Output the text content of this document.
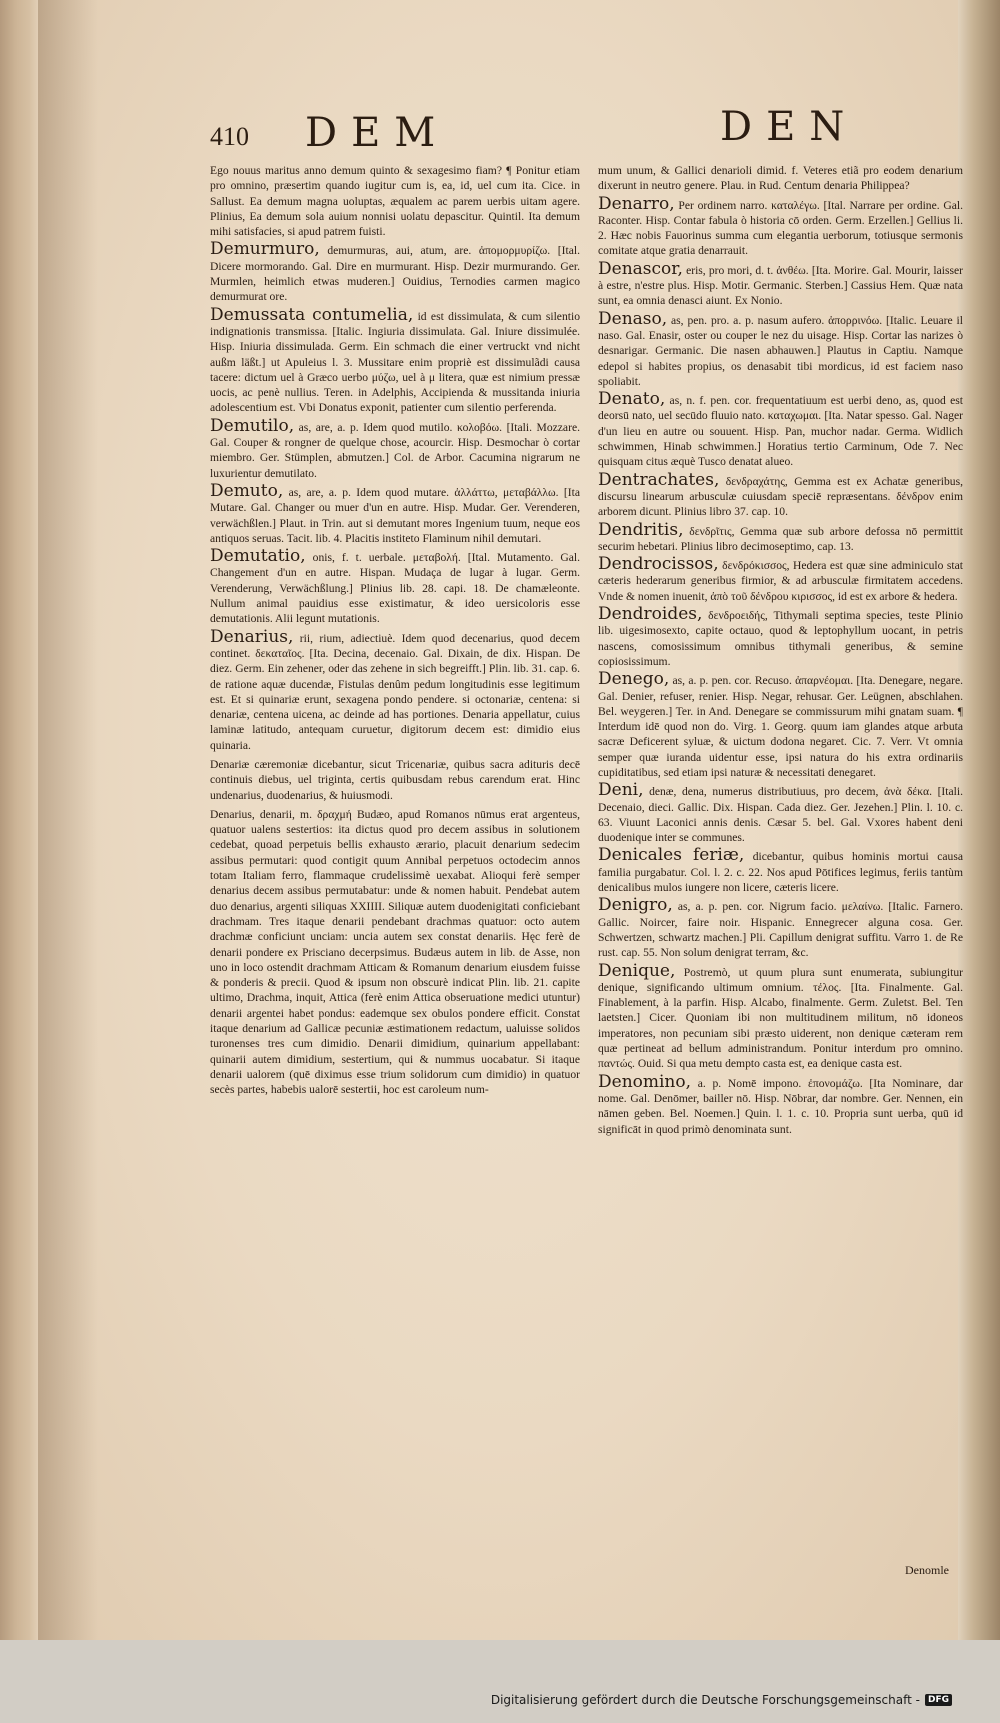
410 DEM	DEN

Ego nouus maritus anno demum quinto & sexagesimo fiam? ¶ Ponitur etiam pro omnino, præsertim quando iugitur cum is, ea, id, uel cum ita. Cice. in Sallust. Ea demum magna uoluptas, æqualem ac parem uerbis uitam agere. Plinius, Ea demum sola auium nonnisi uolatu depascitur. Quintil. Ita demum mihi satisfacies, si apud patrem fuisti.

Demurmuro, demurmuras, aui, atum, are. ἀπομορμυρίζω. [Ital. Dicere mormorando. Gal. Dire en murmurant. Hisp. Dezir murmurando. Ger. Murmlen, heimlich etwas muderen.] Ouidius, Ternodies carmen magico demurmurat ore.

Demussata contumelia, id est dissimulata, & cum silentio indignationis transmissa. [Italic. Ingiuria dissimulata. Gal. Iniure dissimulée. Hisp. Iniuria dissimulada. Germ. Ein schmach die einer vertruckt vnd nicht außm läßt.] ut Apuleius l. 3. Mussitare enim propriè est dissimulãdi causa tacere: dictum uel à Græco uerbo μύζω, uel à μ litera, quæ est nimium pressæ uocis, ac penè nullius. Teren. in Adelphis, Accipienda & mussitanda iniuria adolescentium est. Vbi Donatus exponit, patienter cum silentio perferenda.

Demutilo, as, are, a. p. Idem quod mutilo. κολοβόω. [Itali. Mozzare. Gal. Couper & rongner de quelque chose, acourcir. Hisp. Desmochar ò cortar miembro. Ger. Stümplen, abmutzen.] Col. de Arbor. Cacumina nigrarum ne luxurientur demutilato.

Demuto, as, are, a. p. Idem quod mutare. ἀλλάττω, μεταβάλλω. [Ita Mutare. Gal. Changer ou muer d'un en autre. Hisp. Mudar. Ger. Verenderen, verwächßlen.] Plaut. in Trin. aut si demutant mores Ingenium tuum, neque eos antiquos seruas. Tacit. lib. 4. Placitis institeto Flaminum nihil demutari.

Demutatio, onis, f. t. uerbale. μεταβολή. [Ital. Mutamento. Gal. Changement d'un en autre. Hispan. Mudaça de lugar à lugar. Germ. Verenderung, Verwächßlung.] Plinius lib. 28. capi. 18. De chamæleonte. Nullum animal pauidius esse existimatur, & ideo uersicoloris esse demutationis. Alii legunt mutationis.

Denarius, rii, rium, adiectiuè. Idem quod decenarius, quod decem continet. δεκαταῖος. [Ita. Decina, decenaio. Gal. Dixain, de dix. Hispan. De diez. Germ. Ein zehener, oder das zehene in sich begreifft.] Plin. lib. 31. cap. 6. de ratione aquæ ducendæ, Fistulas denûm pedum longitudinis esse legitimum est. Et si quinariæ erunt, sexagena pondo pendere. si octonariæ, centena: si denariæ, centena uicena, ac deinde ad has portiones. Denaria appellatur, cuius laminæ latitudo, antequam curuetur, digitorum decem est: dimidio eius quinaria.

Denariæ cæremoniæ dicebantur, sicut Tricenariæ, quibus sacra adituris decē continuis diebus, uel triginta, certis quibusdam rebus carendum erat. Hinc undenarius, duodenarius, & huiusmodi.

Denarius, denarii, m. δραχμή Budæo, apud Romanos nūmus erat argenteus, quatuor ualens sestertios: ita dictus quod pro decem assibus in solutionem cedebat, quoad perpetuis bellis exhausto ærario, placuit denarium sedecim assibus permutari: quod contigit quum Annibal perpetuos octodecim annos totam Italiam ferro, flammaque crudelissimè uexabat. Alioqui ferè semper denarius decem assibus permutabatur: unde & nomen habuit. Pendebat autem duo denarius, argenti siliquas XXIIII. Siliquæ autem duodenigitati conficiebant drachmam. Tres itaque denarii pendebant drachmas quatuor: octo autem drachmæ conficiunt unciam: uncia autem sex constat denariis. Hęc ferè de denarii pondere ex Prisciano decerpsimus. Budæus autem in lib. de Asse, non uno in loco ostendit drachmam Atticam & Romanum denarium eiusdem fuisse & ponderis & precii. Quod & ipsum non obscurè indicat Plin. lib. 21. capite ultimo, Drachma, inquit, Attica (ferè enim Attica obseruatione medici utuntur) denarii argentei habet pondus: eademque sex obulos pondere efficit. Constat itaque denarium ad Gallicæ pecuniæ æstimationem redactum, ualuisse solidos turonenses tres cum dimidio. Denarii dimidium, quinarium appellabant: quinarii autem dimidium, sestertium, qui & nummus uocabatur. Si itaque denarii ualorem (quē diximus esse trium solidorum cum dimidio) in quatuor secès partes, habebis ualorē sestertii, hoc est caroleum num-

mum unum, & Gallici denarioli dimid. f. Veteres etiã pro eodem denarium dixerunt in neutro genere. Plau. in Rud. Centum denaria Philippea?

Denarro, Per ordinem narro. καταλέγω. [Ital. Narrare per ordine. Gal. Raconter. Hisp. Contar fabula ò historia cō orden. Germ. Erzellen.] Gellius li. 2. Hæc nobis Fauorinus summa cum elegantia uerborum, totiusque sermonis comitate atque gratia denarrauit.

Denascor, eris, pro mori, d. t. ἀνθέω. [Ita. Morire. Gal. Mourir, laisser à estre, n'estre plus. Hisp. Motir. Germanic. Sterben.] Cassius Hem. Quæ nata sunt, ea omnia denasci aiunt. Ex Nonio.

Denaso, as, pen. pro. a. p. nasum aufero. ἀπορρινόω. [Italic. Leuare il naso. Gal. Enasir, oster ou couper le nez du uisage. Hisp. Cortar las narizes ò desnarigar. Germanic. Die nasen abhauwen.] Plautus in Captiu. Namque edepol si habites propius, os denasabit tibi mordicus, id est faciem naso spoliabit.

Denato, as, n. f. pen. cor. frequentatiuum est uerbi deno, as, quod est deorsū nato, uel secūdo fluuio nato. καταχωμαι. [Ita. Natar spesso. Gal. Nager d'un lieu en autre ou souuent. Hisp. Pan, muchor nadar. Germa. Widlich schwimmen, Hinab schwimmen.] Horatius tertio Carminum, Ode 7. Nec quisquam citus æquè Tusco denatat alueo.

Dentrachates, δενδραχάτης, Gemma est ex Achatæ generibus, discursu linearum arbusculæ cuiusdam speciē repræsentans. δένδρον enim arborem dicunt. Plinius libro 37. cap. 10.

Dendritis, δενδρῖτις, Gemma quæ sub arbore defossa nō permittit securim hebetari. Plinius libro decimoseptimo, cap. 13.

Dendrocissos, δενδρόκισσος, Hedera est quæ sine adminiculo stat cæteris hederarum generibus firmior, & ad arbusculæ firmitatem accedens. Vnde & nomen inuenit, ἀπὸ τοῦ δένδρου κιρισσος, id est ex arbore & hedera.

Dendroides, δενδροειδής, Tithymali septima species, teste Plinio lib. uigesimosexto, capite octauo, quod & leptophyllum uocant, in petris nascens, comosissimum omnibus tithymali generibus, & semine copiosissimum.

Denego, as, a. p. pen. cor. Recuso. ἀπαρνέομαι. [Ita. Denegare, negare. Gal. Denier, refuser, renier. Hisp. Negar, rehusar. Ger. Leügnen, abschlahen. Bel. weygeren.] Ter. in And. Denegare se commissurum mihi gnatam suam. ¶ Interdum idē quod non do. Virg. 1. Georg. quum iam glandes atque arbuta sacræ Deficerent syluæ, & uictum dodona negaret. Cic. 7. Verr. Vt omnia semper quæ iuranda uidentur esse, ipsi natura do his extra ordinariis cupiditatibus, sed etiam ipsi naturæ & necessitati denegaret.

Deni, denæ, dena, numerus distributiuus, pro decem, ἀνὰ δέκα. [Itali. Decenaio, dieci. Gallic. Dix. Hispan. Cada diez. Ger. Jezehen.] Plin. l. 10. c. 63. Viuunt Laconici annis denis. Cæsar 5. bel. Gal. Vxores habent deni duodenique inter se communes.

Denicales feriæ, dicebantur, quibus hominis mortui causa familia purgabatur. Col. l. 2. c. 22. Nos apud Pōtifices legimus, feriis tantùm denicalibus mulos iungere non licere, cæteris licere.

Denigro, as, a. p. pen. cor. Nigrum facio. μελαίνω. [Italic. Farnero. Gallic. Noircer, faire noir. Hispanic. Ennegrecer alguna cosa. Ger. Schwertzen, schwartz machen.] Pli. Capillum denigrat suffitu. Varro 1. de Re rust. cap. 55. Non solum denigrat terram, &c.

Denique, Postremò, ut quum plura sunt enumerata, subiungitur denique, significando ultimum omnium. τέλος. [Ita. Finalmente. Gal. Finablement, à la parfin. Hisp. Alcabo, finalmente. Germ. Zuletst. Bel. Ten laetsten.] Cicer. Quoniam ibi non multitudinem militum, nō idoneos imperatores, non pecuniam sibi præsto uiderent, non denique cæteram rem quæ pertineat ad bellum administrandum. Ponitur interdum pro omnino. παντώς. Ouid. Si qua metu dempto casta est, ea denique casta est.

Denomino, a. p. Nomē impono. ἐπονομάζω. [Ita Nominare, dar nome. Gal. Denōmer, bailler nō. Hisp. Nōbrar, dar nombre. Ger. Nennen, ein nāmen geben. Bel. Noemen.] Quin. l. 1. c. 10. Propria sunt uerba, quū id significāt in quod primò denominata sunt.

Denomle
Digitalisierung gefördert durch die Deutsche Forschungsgemeinschaft - DFG
